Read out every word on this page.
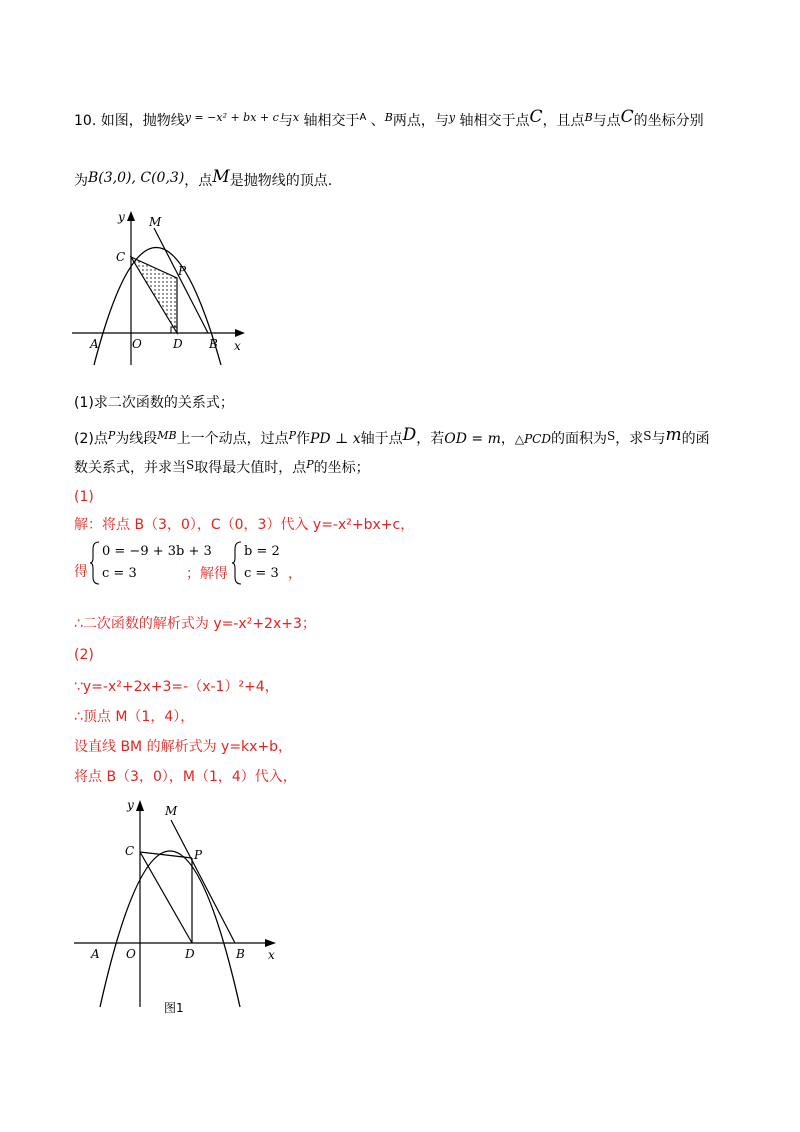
10. 如图，抛物线$^{y = -x^2 + bx + c}$与$^x$ 轴相交于$^A$ 、$^B$两点，与$^y$ 轴相交于点C，且点$^B$与点C的坐标分别
为B(3,0), C(0,3)，点M是抛物线的顶点.
y M
C
P
A	O	D B x
(1)求二次函数的关系式；
(2)点$^P$为线段$^{MB}$上一个动点，过点$^P$作PD ⊥ x轴于点D，若OD = m，△PCD的面积为S，求S与m的函
数关系式，并求当S取得最大值时，点$^P$的坐标；
(1)
解：将点 B（3，0），C（0，3）代入 y=-x²+bx+c，
得
0 = −9 + 3b + 3
c = 3	；解得
b = 2
c = 3 ，
∴二次函数的解析式为 y=-x²+2x+3；
(2)
∵y=-x²+2x+3=-（x-1）²+4，
∴顶点 M（1，4），
设直线 BM 的解析式为 y=kx+b，
将点 B（3，0），M（1，4）代入，
y	M
C	P
A O	D	B x
图1
